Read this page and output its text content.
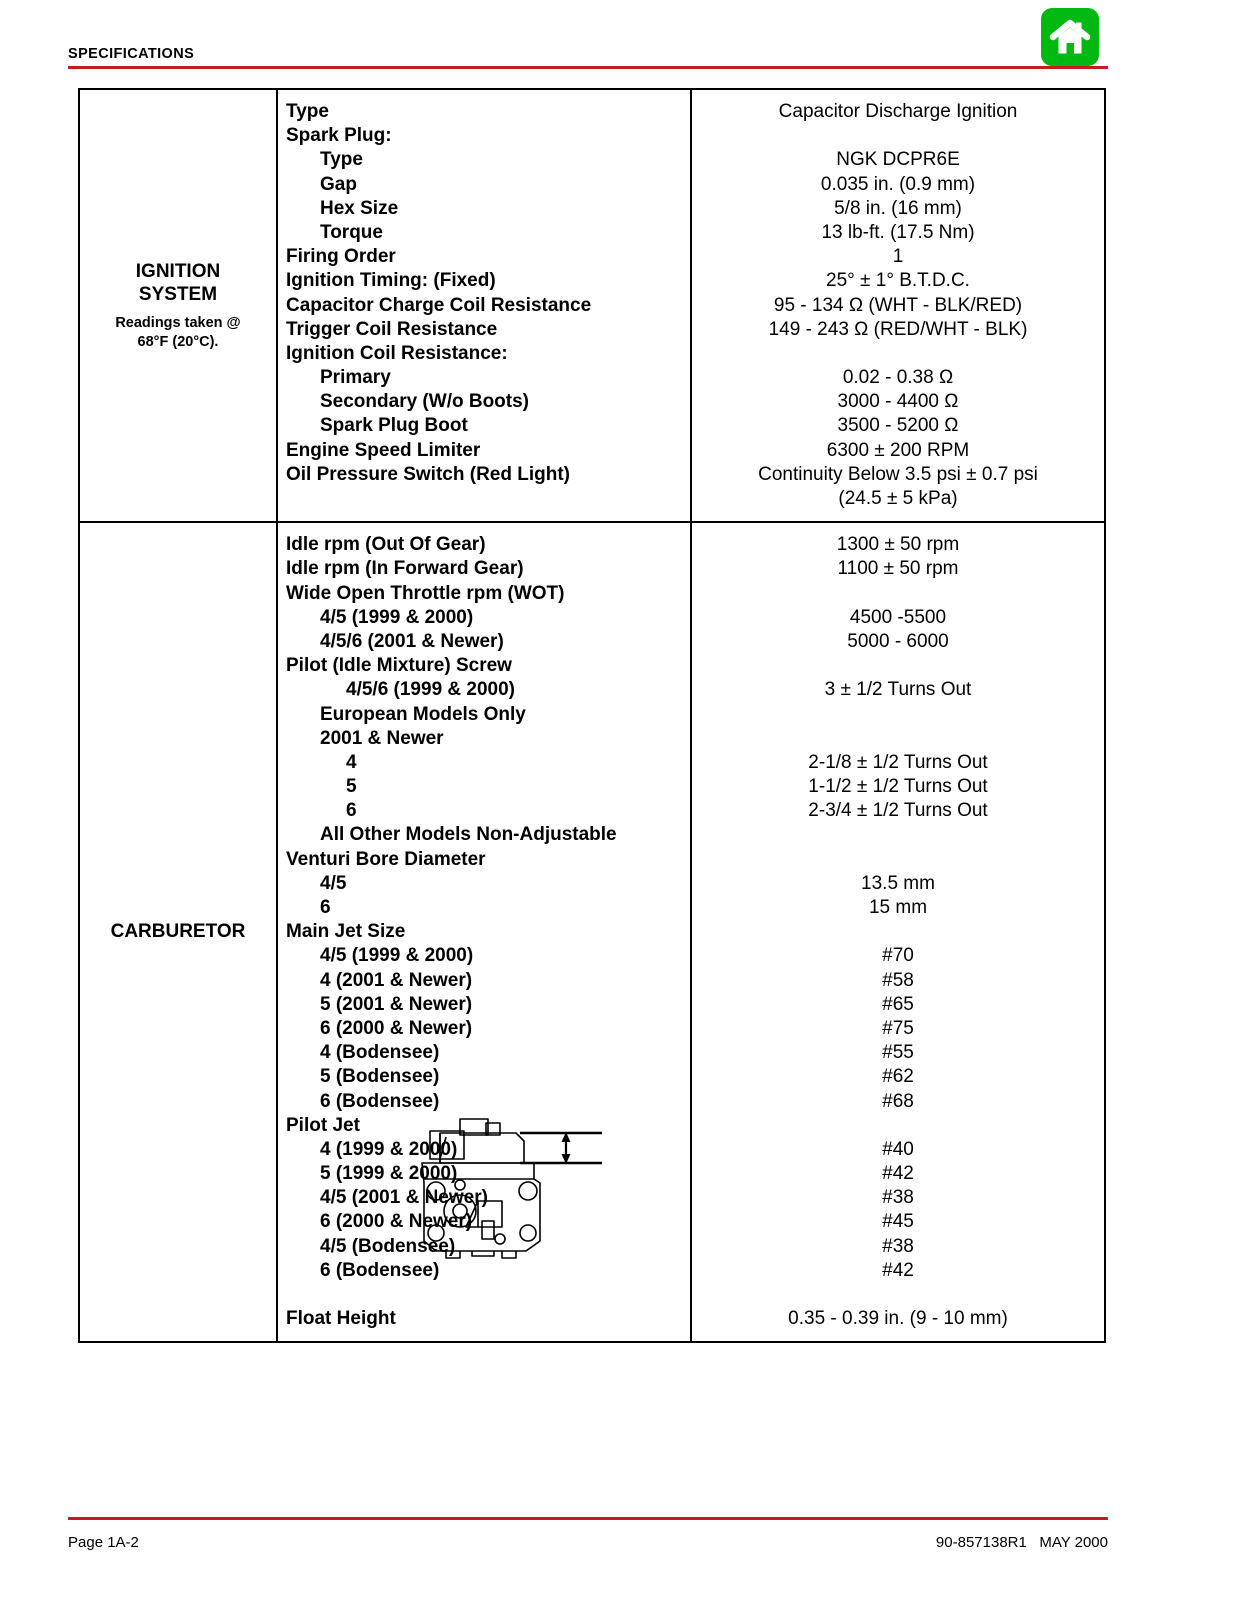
SPECIFICATIONS
IGNITION
SYSTEM
Readings taken @
68°F (20°C).
Type
Spark Plug:
Type
Gap
Hex Size
Torque
Firing Order
Ignition Timing: (Fixed)
Capacitor Charge Coil Resistance
Trigger Coil Resistance
Ignition Coil Resistance:
Primary
Secondary (W/o Boots)
Spark Plug Boot
Engine Speed Limiter
Oil Pressure Switch (Red Light)

Capacitor Discharge Ignition

NGK DCPR6E
0.035 in. (0.9 mm)
5/8 in. (16 mm)
13 lb-ft. (17.5 Nm)
1
25° ± 1° B.T.D.C.
95 - 134 Ω (WHT - BLK/RED)
149 - 243 Ω (RED/WHT - BLK)

0.02 - 0.38 Ω
3000 - 4400 Ω
3500 - 5200 Ω
6300 ± 200 RPM
Continuity Below 3.5 psi ± 0.7 psi
(24.5 ± 5 kPa)
CARBURETOR
Idle rpm (Out Of Gear)
Idle rpm (In Forward Gear)
Wide Open Throttle rpm (WOT)
4/5 (1999 & 2000)
4/5/6 (2001 & Newer)
Pilot (Idle Mixture) Screw
4/5/6 (1999 & 2000)
European Models Only
2001 & Newer
4
5
6
All Other Models Non-Adjustable
Venturi Bore Diameter
4/5
6
Main Jet Size
4/5 (1999 & 2000)
4 (2001 & Newer)
5 (2001 & Newer)
6 (2000 & Newer)
4 (Bodensee)
5 (Bodensee)
6 (Bodensee)
Pilot Jet
4 (1999 & 2000)
5 (1999 & 2000)
4/5 (2001 & Newer)
6 (2000 & Newer)
4/5 (Bodensee)
6 (Bodensee)

Float Height
1300 ± 50 rpm
1100 ± 50 rpm

4500 -5500
5000 - 6000

3 ± 1/2 Turns Out

2-1/8 ± 1/2 Turns Out
1-1/2 ± 1/2 Turns Out
2-3/4 ± 1/2 Turns Out

13.5 mm
15 mm

#70
#58
#65
#75
#55
#62
#68

#40
#42
#38
#45
#38
#42

0.35 - 0.39 in. (9 - 10 mm)
Page 1A-2	90-857138R1   MAY 2000
